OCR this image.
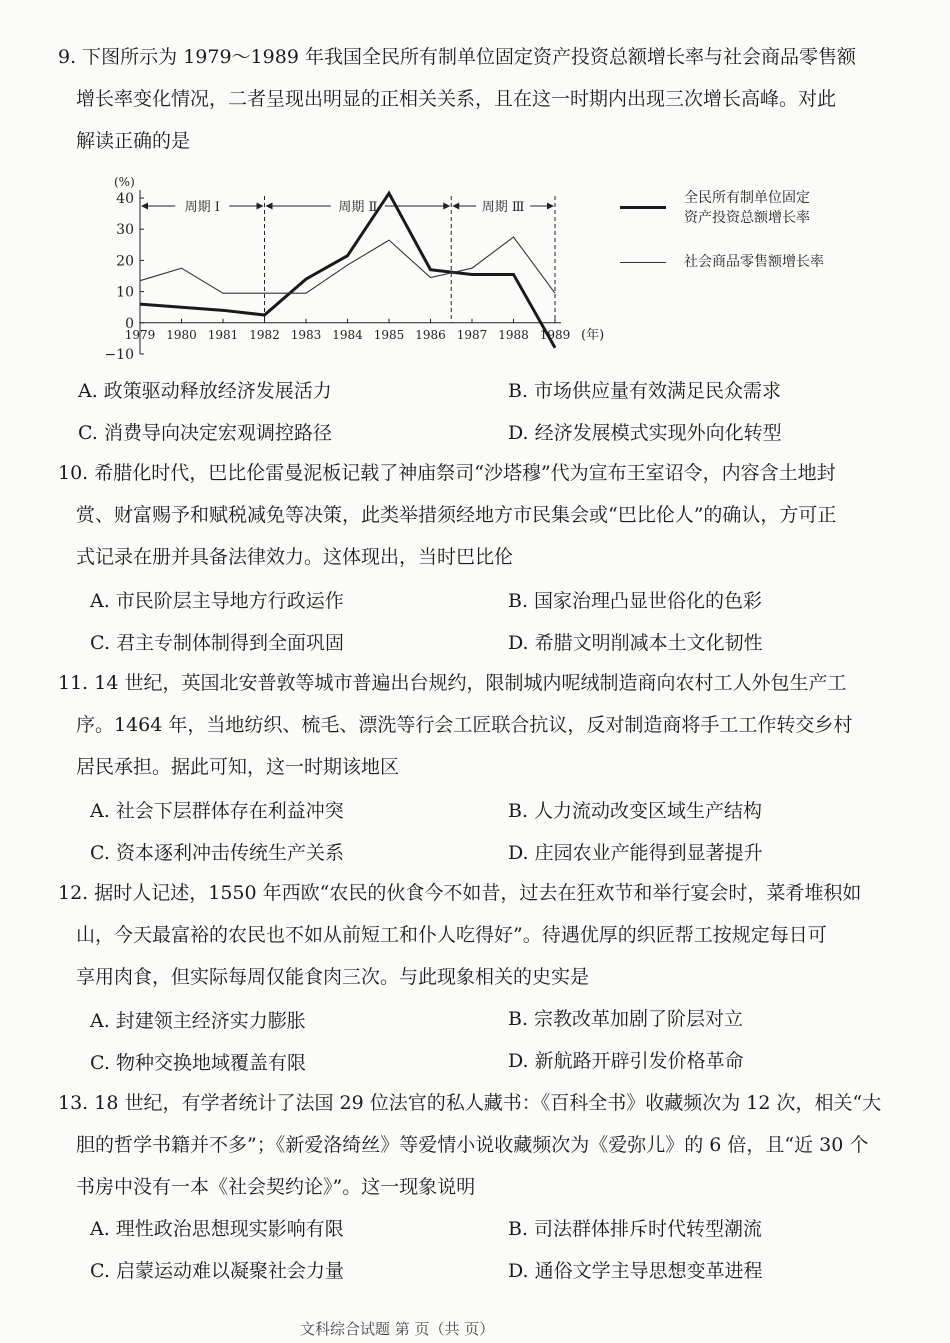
9. 下图所示为 1979～1989 年我国全民所有制单位固定资产投资总额增长率与社会商品零售额
增长率变化情况，二者呈现出明显的正相关关系，且在这一时期内出现三次增长高峰。对此
解读正确的是
(%)
40
30
20
10
0
−10
1979 1980 1981 1982 1983 1984 1985 1986 1987 1988 1989 (年)
周期 Ⅰ	周期 Ⅱ	周期 Ⅲ
全民所有制单位固定
资产投资总额增长率
社会商品零售额增长率
A. 政策驱动释放经济发展活力	B. 市场供应量有效满足民众需求
C. 消费导向决定宏观调控路径	D. 经济发展模式实现外向化转型
10. 希腊化时代，巴比伦雷曼泥板记载了神庙祭司“沙塔穆”代为宣布王室诏令，内容含土地封
赏、财富赐予和赋税减免等决策，此类举措须经地方市民集会或“巴比伦人”的确认，方可正
式记录在册并具备法律效力。这体现出，当时巴比伦
A. 市民阶层主导地方行政运作	B. 国家治理凸显世俗化的色彩
C. 君主专制体制得到全面巩固	D. 希腊文明削减本土文化韧性
11. 14 世纪，英国北安普敦等城市普遍出台规约，限制城内呢绒制造商向农村工人外包生产工
序。1464 年，当地纺织、梳毛、漂洗等行会工匠联合抗议，反对制造商将手工工作转交乡村
居民承担。据此可知，这一时期该地区
A. 社会下层群体存在利益冲突	B. 人力流动改变区域生产结构
C. 资本逐利冲击传统生产关系	D. 庄园农业产能得到显著提升
12. 据时人记述，1550 年西欧“农民的伙食今不如昔，过去在狂欢节和举行宴会时，菜肴堆积如
山，今天最富裕的农民也不如从前短工和仆人吃得好”。待遇优厚的织匠帮工按规定每日可
享用肉食，但实际每周仅能食肉三次。与此现象相关的史实是
A. 封建领主经济实力膨胀	B. 宗教改革加剧了阶层对立
C. 物种交换地域覆盖有限	D. 新航路开辟引发价格革命
13. 18 世纪，有学者统计了法国 29 位法官的私人藏书：《百科全书》收藏频次为 12 次，相关“大
胆的哲学书籍并不多”；《新爱洛绮丝》等爱情小说收藏频次为《爱弥儿》的 6 倍，且“近 30 个
书房中没有一本《社会契约论》”。这一现象说明
A. 理性政治思想现实影响有限	B. 司法群体排斥时代转型潮流
C. 启蒙运动难以凝聚社会力量	D. 通俗文学主导思想变革进程
文科综合试题 第 页（共 页）
